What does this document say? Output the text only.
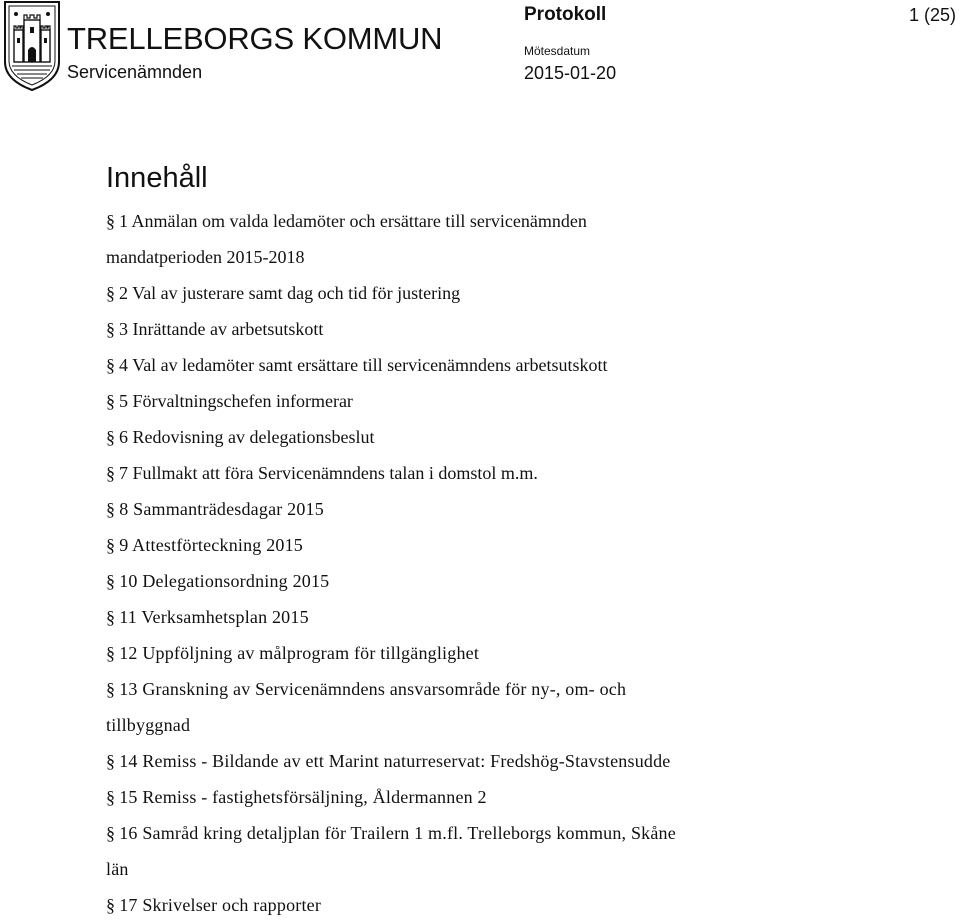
TRELLEBORGS KOMMUN
Servicenämnden
Protokoll
Mötesdatum
2015-01-20
1 (25)
Innehåll
§ 1 Anmälan om valda ledamöter och ersättare till servicenämnden
mandatperioden 2015-2018
§ 2 Val av justerare samt dag och tid för justering
§ 3 Inrättande av arbetsutskott
§ 4 Val av ledamöter samt ersättare till servicenämndens arbetsutskott
§ 5 Förvaltningschefen informerar
§ 6 Redovisning av delegationsbeslut
§ 7 Fullmakt att föra Servicenämndens talan i domstol m.m.
§ 8 Sammanträdesdagar 2015
§ 9 Attestförteckning 2015
§ 10 Delegationsordning 2015
§ 11 Verksamhetsplan 2015
§ 12 Uppföljning av målprogram för tillgänglighet
§ 13 Granskning av Servicenämndens ansvarsområde för ny-, om- och
tillbyggnad
§ 14 Remiss - Bildande av ett Marint naturreservat: Fredshög-Stavstensudde
§ 15 Remiss - fastighetsförsäljning, Åldermannen 2
§ 16 Samråd kring detaljplan för Trailern 1 m.fl. Trelleborgs kommun, Skåne
län
§ 17 Skrivelser och rapporter
